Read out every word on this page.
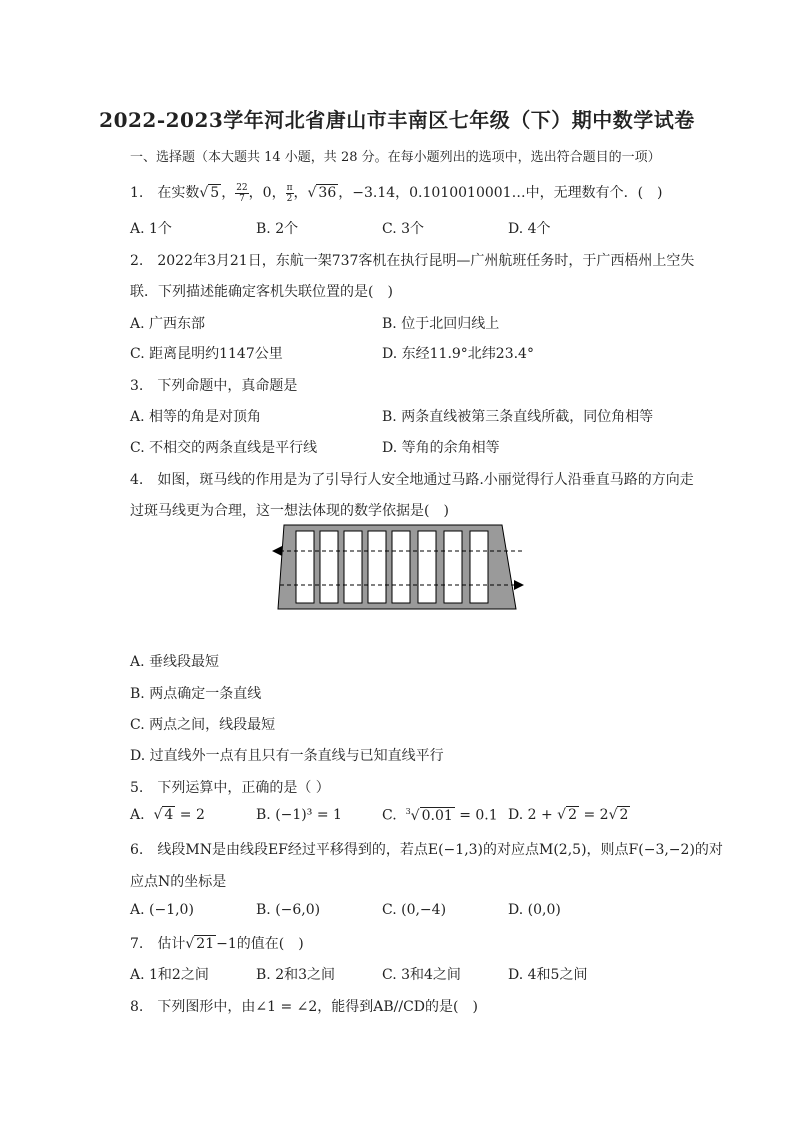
2022-2023学年河北省唐山市丰南区七年级（下）期中数学试卷
一、选择题（本大题共 14 小题，共 28 分。在每小题列出的选项中，选出符合题目的一项）
1. 在实数√ 5 ， $\frac{22}{7}$ ，0， $\frac{\pi}{2}$ ，√ 36 ，−3.14，0.1010010001…中，无理数有个．(　)
A. 1个	B. 2个	C. 3个	D. 4个
2. 2022年3月21日，东航一架737客机在执行昆明—广州航班任务时，于广西梧州上空失
联．下列描述能确定客机失联位置的是(　)
A. 广西东部	B. 位于北回归线上
C. 距离昆明约1147公里	D. 东经11.9°北纬23.4°
3. 下列命题中，真命题是
A. 相等的角是对顶角	B. 两条直线被第三条直线所截，同位角相等
C. 不相交的两条直线是平行线	D. 等角的余角相等
4. 如图，斑马线的作用是为了引导行人安全地通过马路.小丽觉得行人沿垂直马路的方向走
过斑马线更为合理，这一想法体现的数学依据是(　)
A. 垂线段最短
B. 两点确定一条直线
C. 两点之间，线段最短
D. 过直线外一点有且只有一条直线与已知直线平行
5. 下列运算中，正确的是（ ）
A. √ 4 = 2	B. (−1)³ = 1	C. $^3$√ 0.01 = 0.1 D. 2 + √ 2 = 2√ 2
6. 线段MN是由线段EF经过平移得到的，若点E(−1,3)的对应点M(2,5)，则点F(−3,−2)的对
应点N的坐标是
A. (−1,0)	B. (−6,0)	C. (0,−4)	D. (0,0)
7. 估计√ 21 −1的值在(　)
A. 1和2之间	B. 2和3之间	C. 3和4之间	D. 4和5之间
8. 下列图形中，由∠1 = ∠2，能得到AB//CD的是(　)
